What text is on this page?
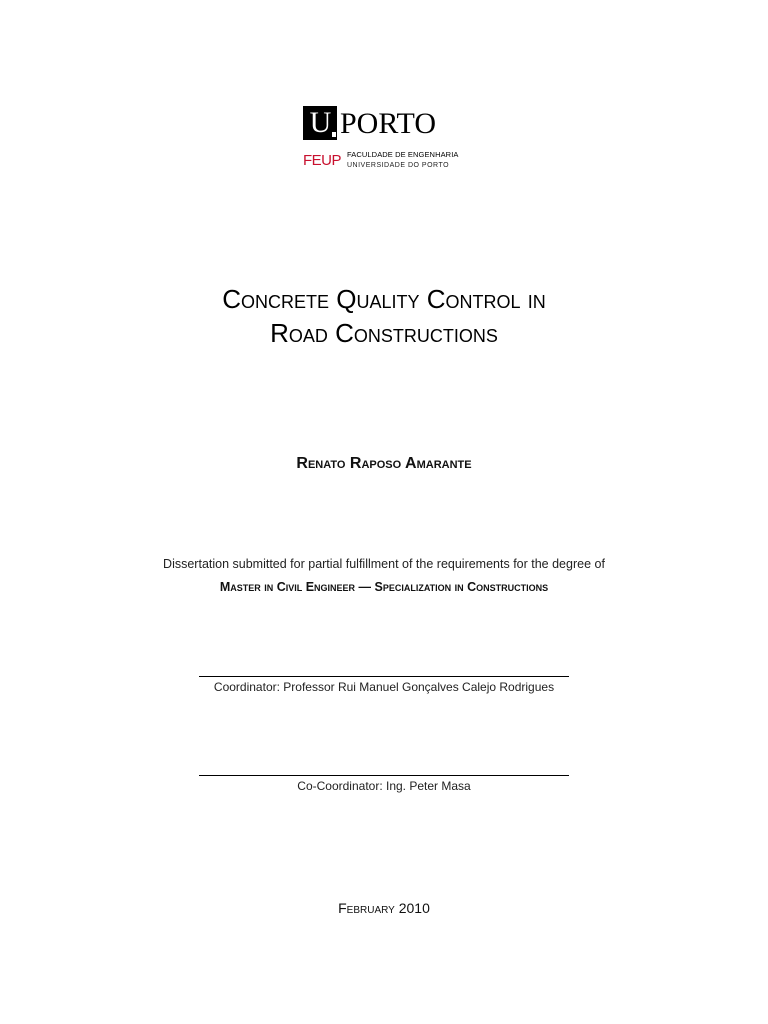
U PORTO
FEUP FACULDADE DE ENGENHARIA
UNIVERSIDADE DO PORTO
Concrete Quality Control in
Road Constructions
Renato Raposo Amarante
Dissertation submitted for partial fulfillment of the requirements for the degree of
Master in Civil Engineer — Specialization in Constructions
Coordinator: Professor Rui Manuel Gonçalves Calejo Rodrigues
Co-Coordinator: Ing. Peter Masa
February 2010
